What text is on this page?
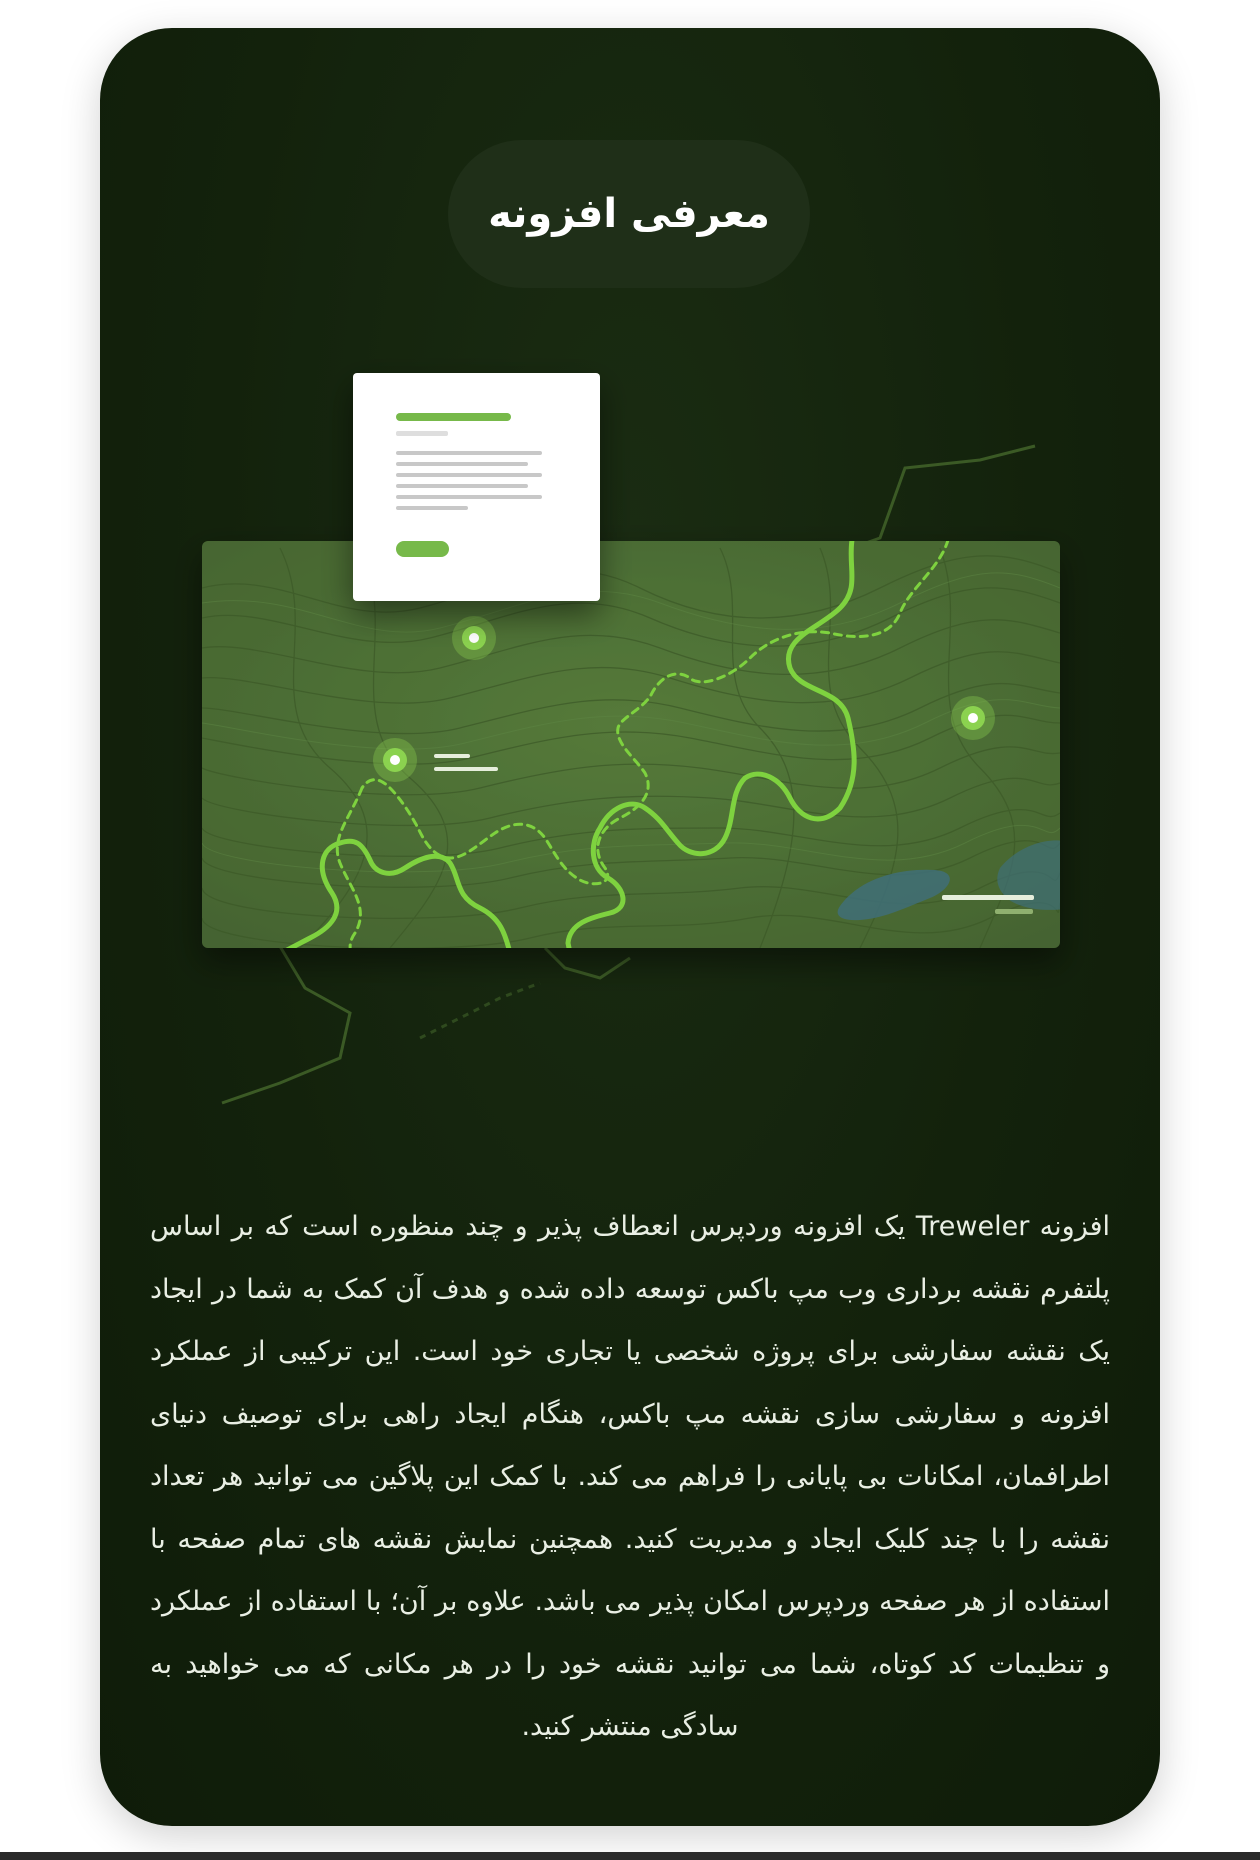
معرفی افزونه

افزونه Treweler یک افزونه وردپرس انعطاف پذیر و چند منظوره است که بر اساس پلتفرم نقشه برداری وب مپ باکس توسعه داده شده و هدف آن کمک به شما در ایجاد یک نقشه سفارشی برای پروژه شخصی یا تجاری خود است. این ترکیبی از عملکرد افزونه و سفارشی سازی نقشه مپ باکس، هنگام ایجاد راهی برای توصیف دنیای اطرافمان، امکانات بی پایانی را فراهم می کند. با کمک این پلاگین می توانید هر تعداد نقشه را با چند کلیک ایجاد و مدیریت کنید. همچنین نمایش نقشه های تمام صفحه با استفاده از هر صفحه وردپرس امکان پذیر می باشد. علاوه بر آن؛ با استفاده از عملکرد و تنظیمات کد کوتاه، شما می توانید نقشه خود را در هر مکانی که می خواهید به سادگی منتشر کنید.
